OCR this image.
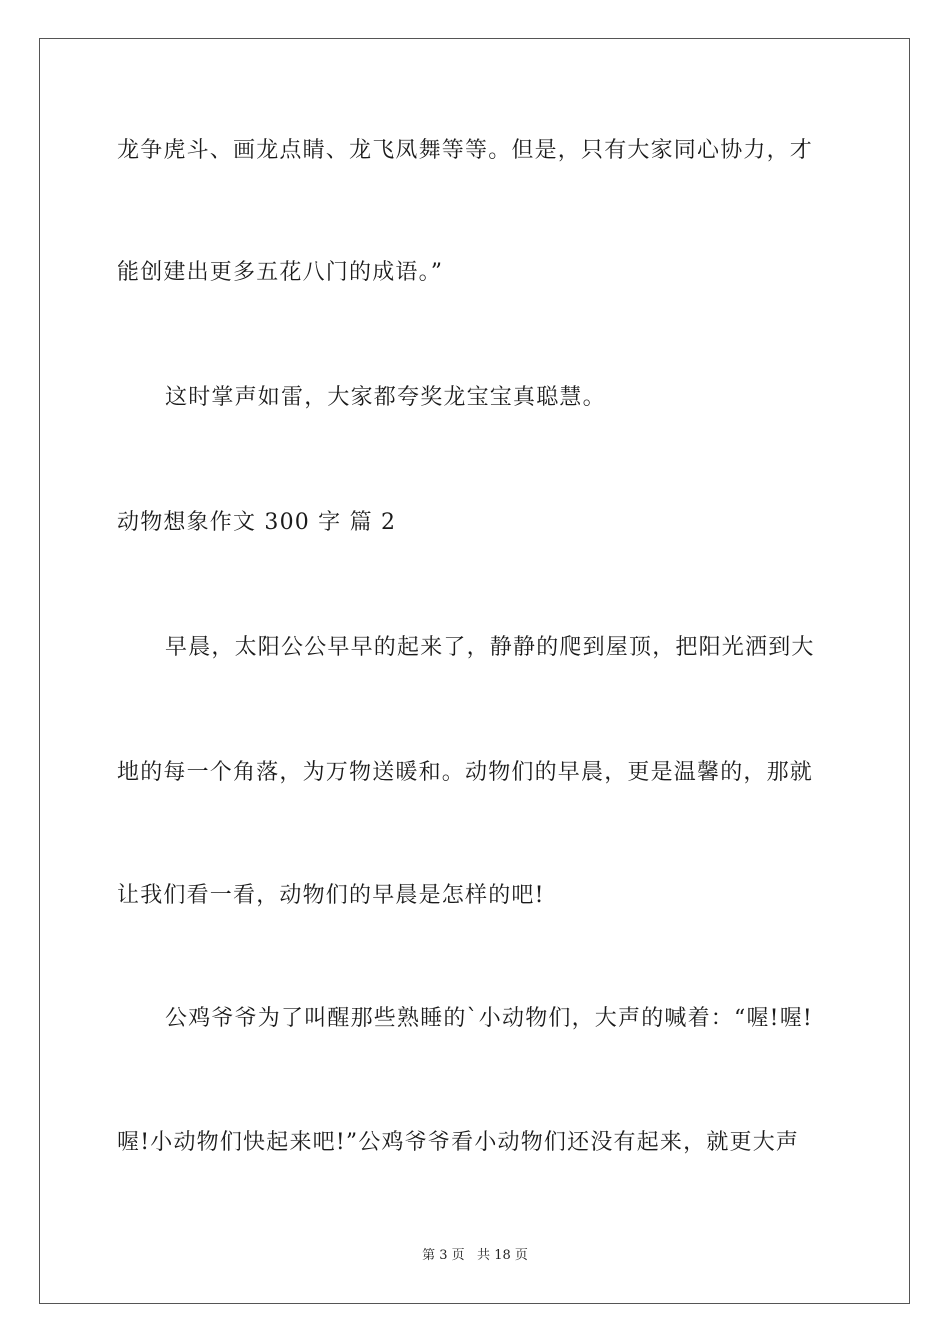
龙争虎斗、画龙点睛、龙飞凤舞等等。但是，只有大家同心协力，才
能创建出更多五花八门的成语。”
这时掌声如雷，大家都夸奖龙宝宝真聪慧。
动物想象作文 300 字 篇 2
早晨，太阳公公早早的起来了，静静的爬到屋顶，把阳光洒到大
地的每一个角落，为万物送暖和。动物们的早晨，更是温馨的，那就
让我们看一看，动物们的早晨是怎样的吧!
公鸡爷爷为了叫醒那些熟睡的`小动物们，大声的喊着：“喔!喔!
喔!小动物们快起来吧!”公鸡爷爷看小动物们还没有起来，就更大声
第 3 页   共 18 页
